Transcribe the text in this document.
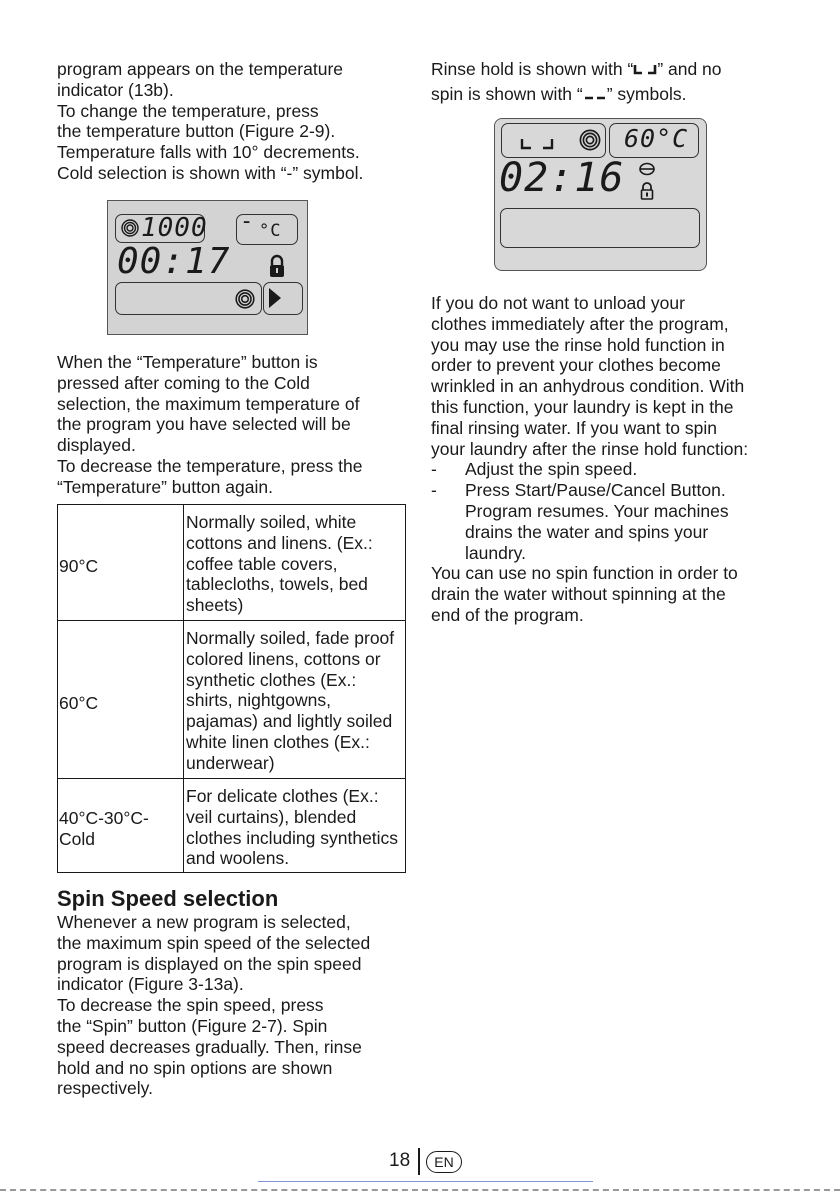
program appears on the temperature

indicator (13b).

To change the temperature, press

the temperature button (Figure 2-9).

Temperature falls with 10° decrements.

Cold selection is shown with “-” symbol.

1000 - °C
00:17

When the “Temperature” button is

pressed after coming to the Cold

selection, the maximum temperature of

the program you have selected will be

displayed.

To decrease the temperature, press the

“Temperature” button again.

90°C	Normally soiled, white cottons and linens. (Ex.: coffee table covers, tablecloths, towels, bed sheets)
60°C	Normally soiled, fade proof colored linens, cottons or synthetic clothes (Ex.: shirts, nightgowns, pajamas) and lightly soiled white linen clothes (Ex.: underwear)
40°C-30°C-Cold	For delicate clothes (Ex.: veil curtains), blended clothes including synthetics and woolens.
Spin Speed selection

Whenever a new program is selected,

the maximum spin speed of the selected

program is displayed on the spin speed

indicator (Figure 3-13a).

To decrease the spin speed, press

the “Spin” button (Figure 2-7). Spin

speed decreases gradually. Then, rinse

hold and no spin options are shown

respectively.

Rinse hold is shown with “ ” and no

spin is shown with “ ” symbols.

60°C
02:16

If you do not want to unload your

clothes immediately after the program,

you may use the rinse hold function in

order to prevent your clothes become

wrinkled in an anhydrous condition. With

this function, your laundry is kept in the

final rinsing water. If you want to spin

your laundry after the rinse hold function:

- Adjust the spin speed.
- Press Start/Pause/Cancel Button. Program resumes. Your machines drains the water and spins your laundry.

You can use no spin function in order to

drain the water without spinning at the

end of the program.

18	EN
